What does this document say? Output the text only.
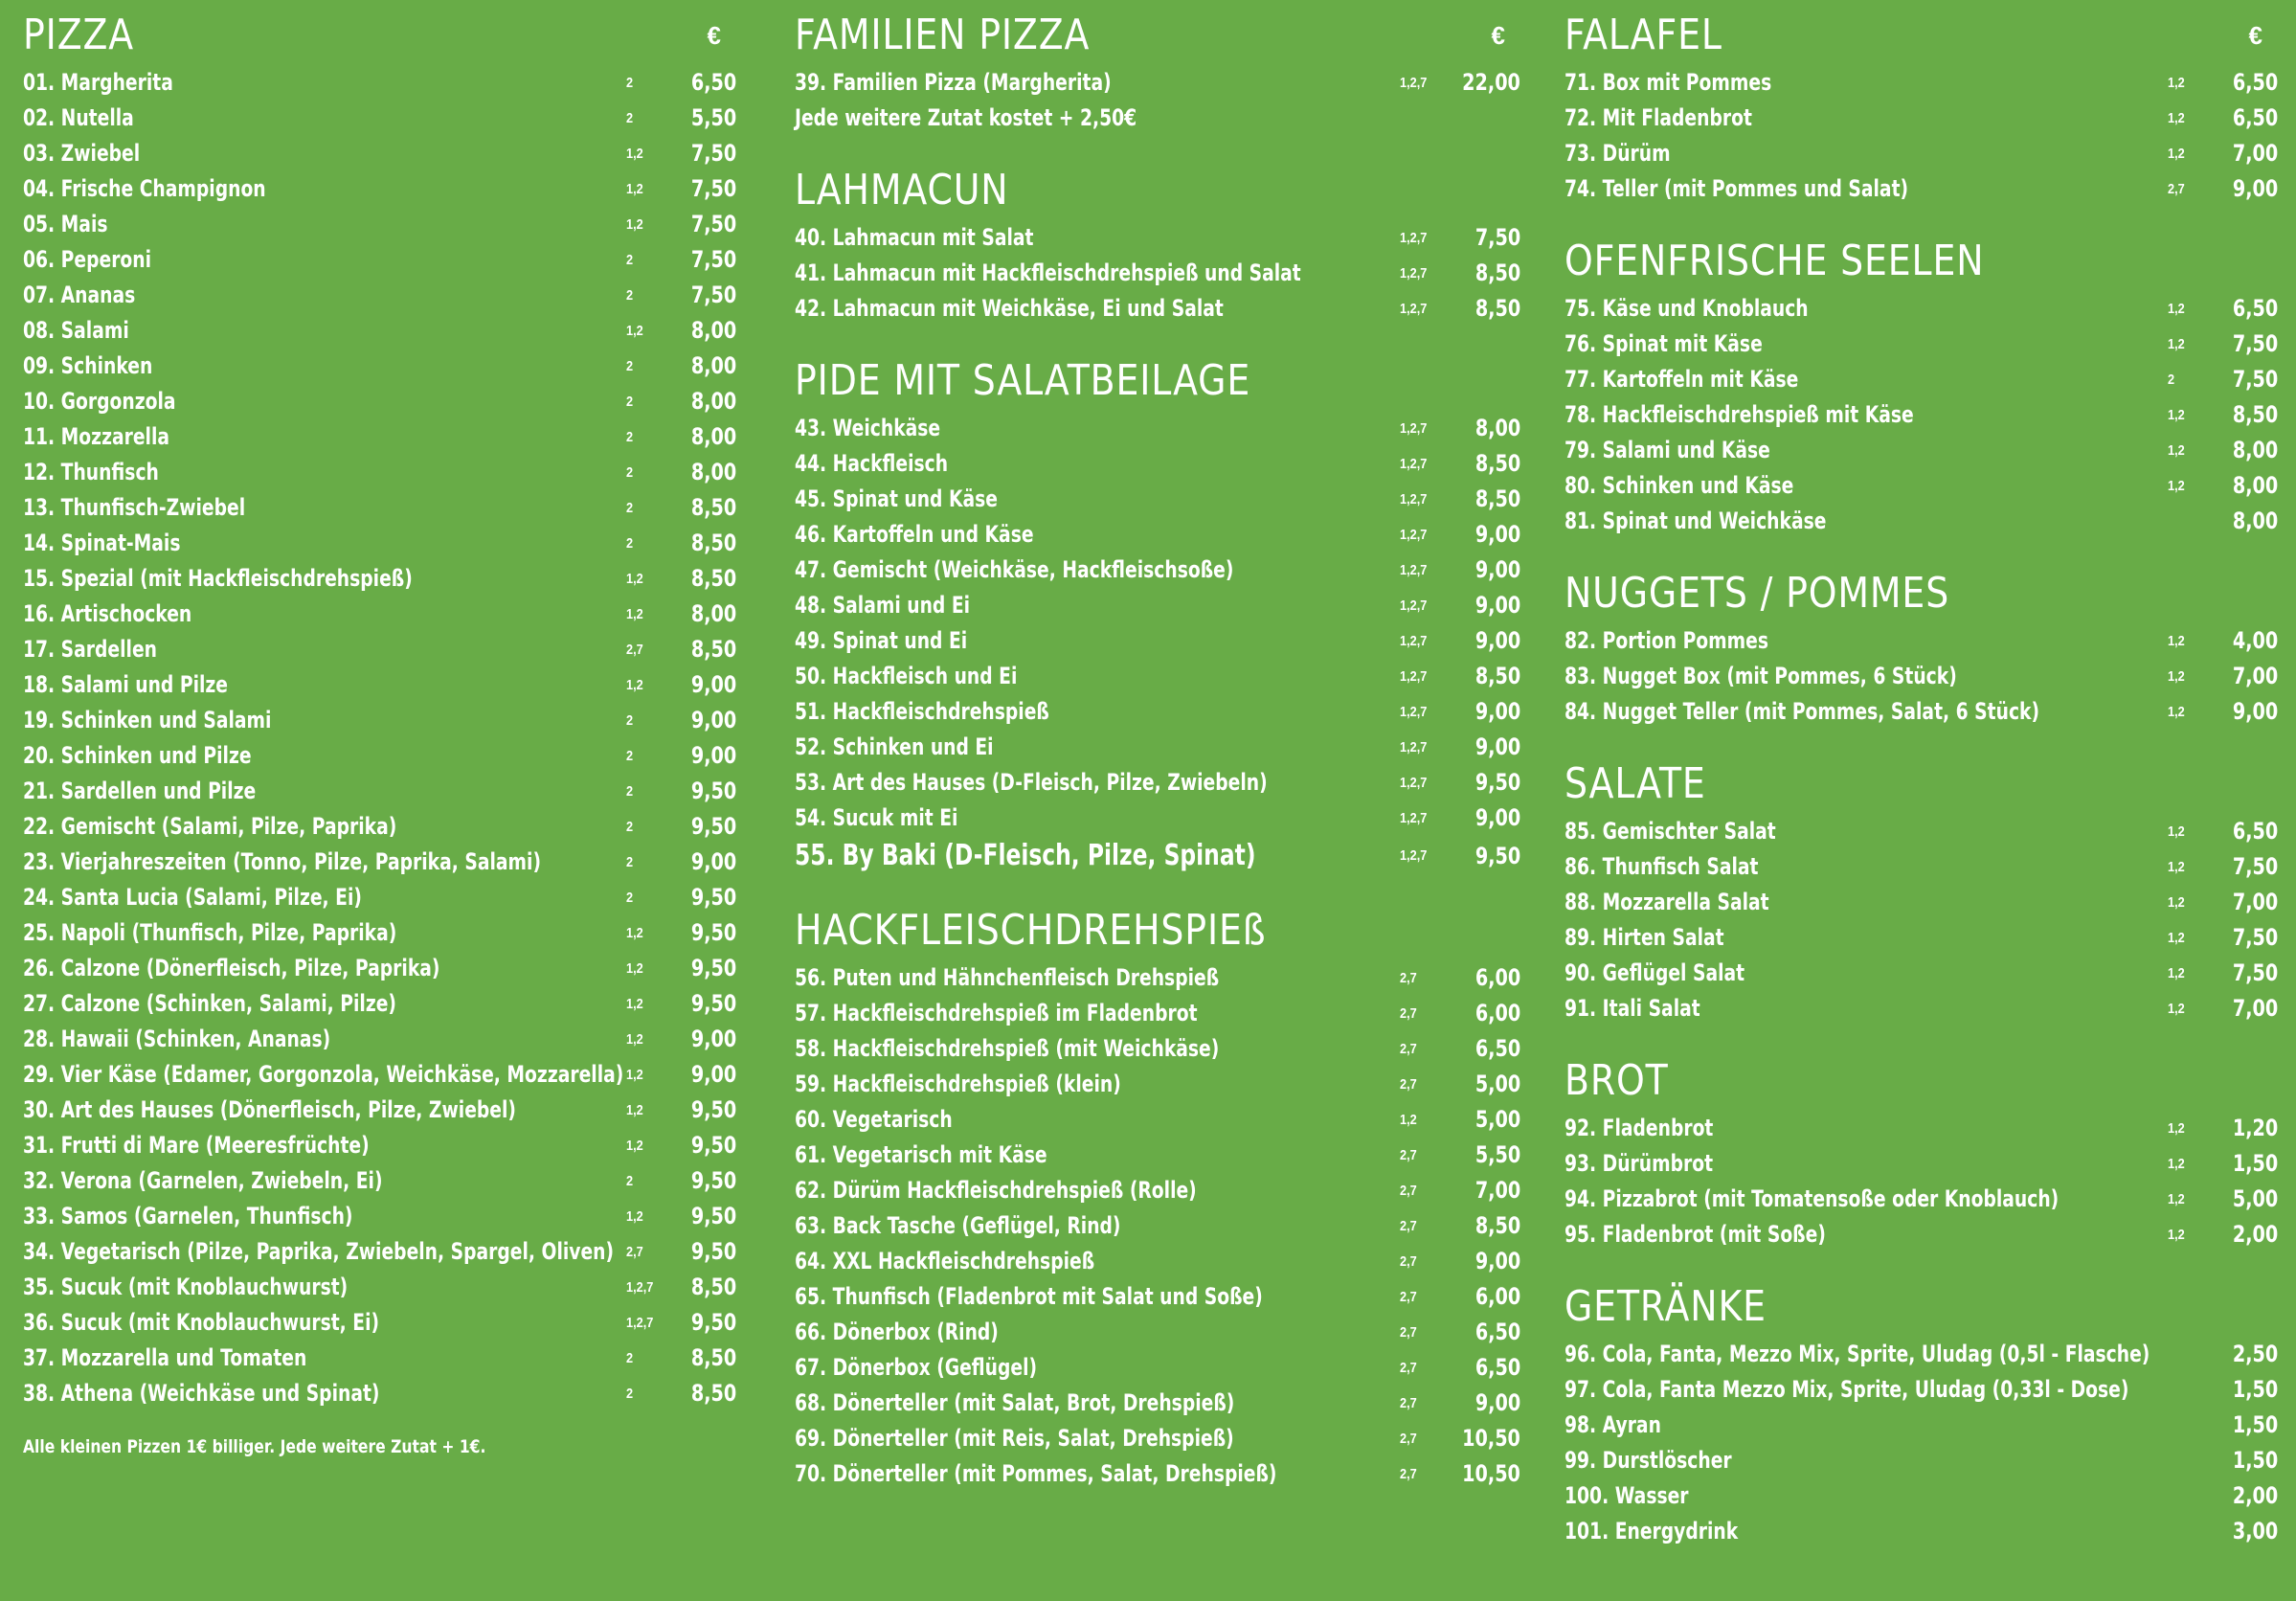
PIZZA	€
01. Margherita	2	6,50
02. Nutella	2	5,50
03. Zwiebel	1,2 7,50
04. Frische Champignon	1,2 7,50
05. Mais	1,2 7,50
06. Peperoni	2	7,50
07. Ananas	2	7,50
08. Salami	1,2 8,00
09. Schinken	2	8,00
10. Gorgonzola	2	8,00
11. Mozzarella	2	8,00
12. Thunfisch	2	8,00
13. Thunfisch-Zwiebel	2	8,50
14. Spinat-Mais	2	8,50
15. Spezial (mit Hackfleischdrehspieß)	1,2 8,50
16. Artischocken	1,2 8,00
17. Sardellen	2,7 8,50
18. Salami und Pilze	1,2 9,00
19. Schinken und Salami	2	9,00
20. Schinken und Pilze	2	9,00
21. Sardellen und Pilze	2	9,50
22. Gemischt (Salami, Pilze, Paprika)	2	9,50
23. Vierjahreszeiten (Tonno, Pilze, Paprika, Salami)	2	9,00
24. Santa Lucia (Salami, Pilze, Ei)	2	9,50
25. Napoli (Thunfisch, Pilze, Paprika)	1,2 9,50
26. Calzone (Dönerfleisch, Pilze, Paprika)	1,2 9,50
27. Calzone (Schinken, Salami, Pilze)	1,2 9,50
28. Hawaii (Schinken, Ananas)	1,2 9,00
29. Vier Käse (Edamer, Gorgonzola, Weichkäse, Mozzarella) 1,2 9,00
30. Art des Hauses (Dönerfleisch, Pilze, Zwiebel)	1,2 9,50
31. Frutti di Mare (Meeresfrüchte)	1,2 9,50
32. Verona (Garnelen, Zwiebeln, Ei)	2	9,50
33. Samos (Garnelen, Thunfisch)	1,2 9,50
34. Vegetarisch (Pilze, Paprika, Zwiebeln, Spargel, Oliven) 2,7 9,50
35. Sucuk (mit Knoblauchwurst)	1,2,7 8,50
36. Sucuk (mit Knoblauchwurst, Ei)	1,2,7 9,50
37. Mozzarella und Tomaten	2	8,50
38. Athena (Weichkäse und Spinat)	2	8,50
Alle kleinen Pizzen 1€ billiger. Jede weitere Zutat + 1€.
FAMILIEN PIZZA	€
39. Familien Pizza (Margherita)	1,2,7 22,00
Jede weitere Zutat kostet + 2,50€
LAHMACUN
40. Lahmacun mit Salat	1,2,7 7,50
41. Lahmacun mit Hackfleischdrehspieß und Salat	1,2,7 8,50
42. Lahmacun mit Weichkäse, Ei und Salat	1,2,7 8,50
PIDE MIT SALATBEILAGE
43. Weichkäse	1,2,7 8,00
44. Hackfleisch	1,2,7 8,50
45. Spinat und Käse	1,2,7 8,50
46. Kartoffeln und Käse	1,2,7 9,00
47. Gemischt (Weichkäse, Hackfleischsoße)	1,2,7 9,00
48. Salami und Ei	1,2,7 9,00
49. Spinat und Ei	1,2,7 9,00
50. Hackfleisch und Ei	1,2,7 8,50
51. Hackfleischdrehspieß	1,2,7 9,00
52. Schinken und Ei	1,2,7 9,00
53. Art des Hauses (D-Fleisch, Pilze, Zwiebeln)	1,2,7 9,50
54. Sucuk mit Ei	1,2,7 9,00
55. By Baki (D-Fleisch, Pilze, Spinat)	1,2,7 9,50
HACKFLEISCHDREHSPIEß
56. Puten und Hähnchenfleisch Drehspieß	2,7	6,00
57. Hackfleischdrehspieß im Fladenbrot	2,7	6,00
58. Hackfleischdrehspieß (mit Weichkäse)	2,7	6,50
59. Hackfleischdrehspieß (klein)	2,7	5,00
60. Vegetarisch	1,2	5,00
61. Vegetarisch mit Käse	2,7	5,50
62. Dürüm Hackfleischdrehspieß (Rolle)	2,7	7,00
63. Back Tasche (Geflügel, Rind)	2,7	8,50
64. XXL Hackfleischdrehspieß	2,7	9,00
65. Thunfisch (Fladenbrot mit Salat und Soße)	2,7	6,00
66. Dönerbox (Rind)	2,7	6,50
67. Dönerbox (Geflügel)	2,7	6,50
68. Dönerteller (mit Salat, Brot, Drehspieß)	2,7	9,00
69. Dönerteller (mit Reis, Salat, Drehspieß)	2,7 10,50
70. Dönerteller (mit Pommes, Salat, Drehspieß)	2,7 10,50
FALAFEL	€
71. Box mit Pommes	1,2 6,50
72. Mit Fladenbrot	1,2 6,50
73. Dürüm	1,2 7,00
74. Teller (mit Pommes und Salat)	2,7 9,00
OFENFRISCHE SEELEN
75. Käse und Knoblauch	1,2 6,50
76. Spinat mit Käse	1,2 7,50
77. Kartoffeln mit Käse	2	7,50
78. Hackfleischdrehspieß mit Käse	1,2 8,50
79. Salami und Käse	1,2 8,00
80. Schinken und Käse	1,2 8,00
81. Spinat und Weichkäse	8,00
NUGGETS / POMMES
82. Portion Pommes	1,2 4,00
83. Nugget Box (mit Pommes, 6 Stück)	1,2 7,00
84. Nugget Teller (mit Pommes, Salat, 6 Stück)	1,2 9,00
SALATE
85. Gemischter Salat	1,2 6,50
86. Thunfisch Salat	1,2 7,50
88. Mozzarella Salat	1,2 7,00
89. Hirten Salat	1,2 7,50
90. Geflügel Salat	1,2 7,50
91. Itali Salat	1,2 7,00
BROT
92. Fladenbrot	1,2 1,20
93. Dürümbrot	1,2 1,50
94. Pizzabrot (mit Tomatensoße oder Knoblauch)	1,2 5,00
95. Fladenbrot (mit Soße)	1,2 2,00
GETRÄNKE
96. Cola, Fanta, Mezzo Mix, Sprite, Uludag (0,5l - Flasche)	2,50
97. Cola, Fanta Mezzo Mix, Sprite, Uludag (0,33l - Dose)	1,50
98. Ayran	1,50
99. Durstlöscher	1,50
100. Wasser	2,00
101. Energydrink	3,00
